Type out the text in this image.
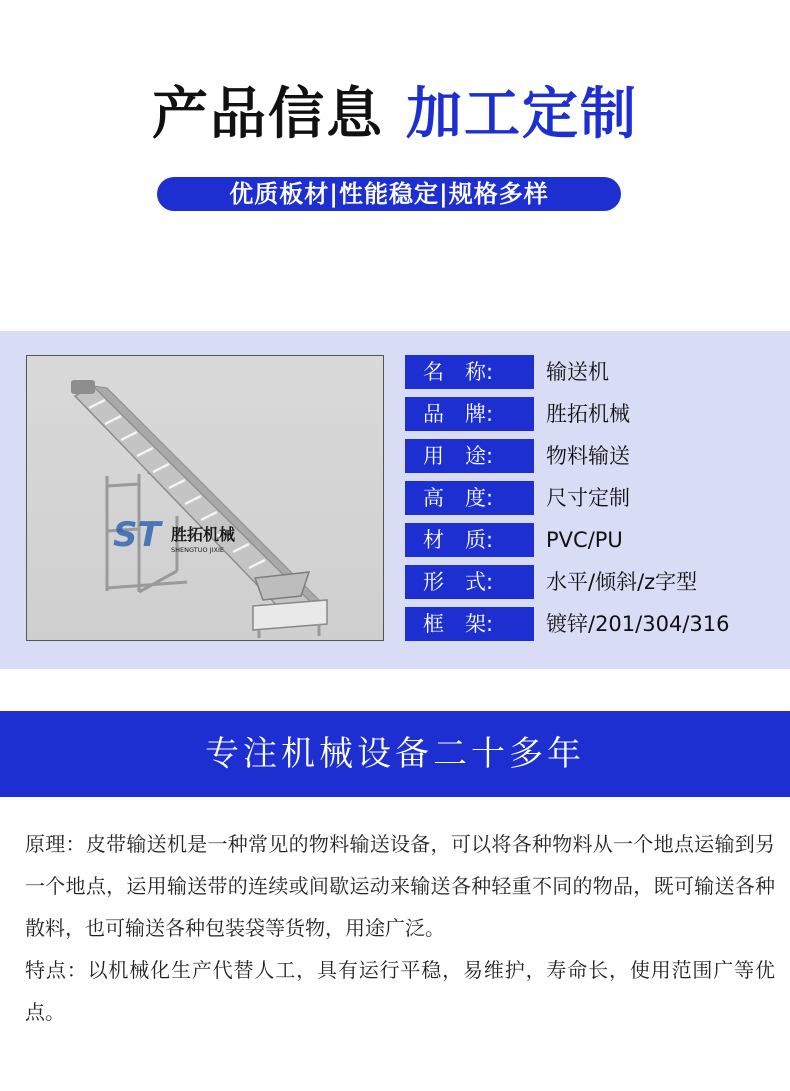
产品信息 加工定制
优质板材|性能稳定|规格多样
ST 胜拓机械
SHENGTUO JIXIE
名　称:	输送机
品　牌:	胜拓机械
用　途:	物料输送
高　度:	尺寸定制
材　质:	PVC/PU
形　式:	水平/倾斜/z字型
框　架:	镀锌/201/304/316
专注机械设备二十多年

原理：皮带输送机是一种常见的物料输送设备，可以将各种物料从一个地点运输到另一个地点，运用输送带的连续或间歇运动来输送各种轻重不同的物品，既可输送各种散料，也可输送各种包装袋等货物，用途广泛。

特点：以机械化生产代替人工，具有运行平稳，易维护，寿命长，使用范围广等优点。
